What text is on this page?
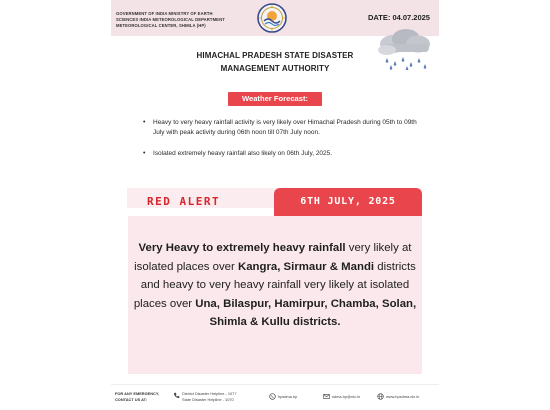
GOVERNMENT OF INDIA MINISTRY OF EARTH
SCIENCES INDIA METEOROLOGICAL DEPARTMENT
METEOROLOGICAL CENTER, SHIMLA (HP)
DATE: 04.07.2025
HIMACHAL PRADESH STATE DISASTER
MANAGEMENT AUTHORITY
Weather Forecast:
• Heavy to very heavy rainfall activity is very likely over Himachal Pradesh during 05th to 09th July with peak activity during 06th noon till 07th July noon.
• Isolated extremely heavy rainfall also likely on 06th July, 2025.
RED ALERT	6TH JULY, 2025
Very Heavy to extremely heavy rainfall very likely at isolated places over Kangra, Sirmaur & Mandi districts and heavy to very heavy rainfall very likely at isolated places over Una, Bilaspur, Hamirpur, Chamba, Solan, Shimla & Kullu districts.
FOR ANY EMERGENCY,
CONTACT US AT:
District Disaster Helpline - 1077
State Disaster Helpline - 1070
hpsdma.hp	sdma-hp@nic.in	www.hpsdma.nic.in
